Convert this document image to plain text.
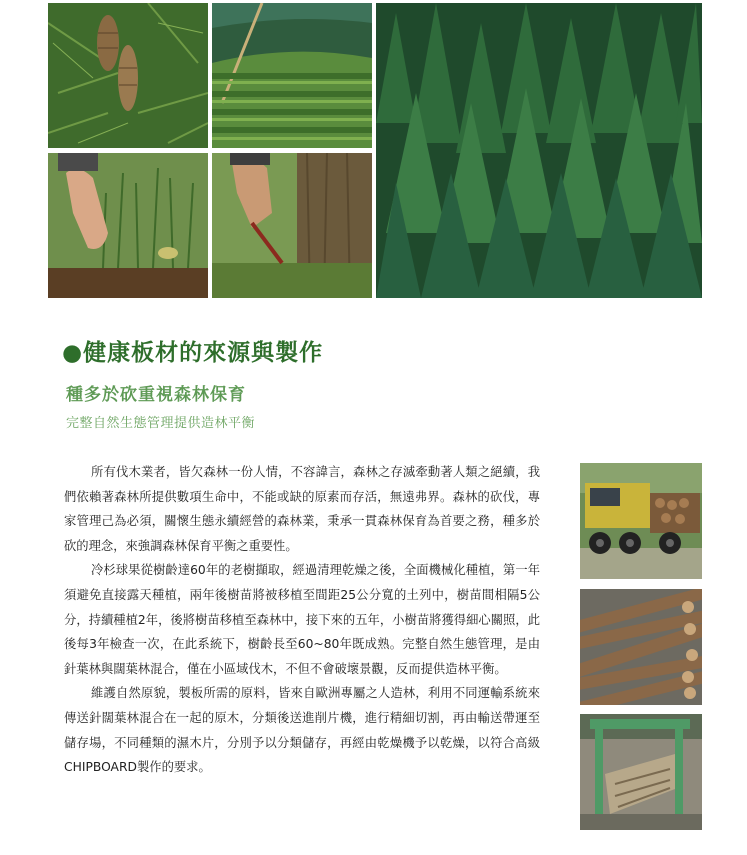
●健康板材的來源與製作
種多於砍重視森林保育
完整自然生態管理提供造林平衡

所有伐木業者，皆欠森林一份人情，不容諱言，森林之存滅牽動著人類之絕續，我們依賴著森林所提供數項生命中，不能或缺的原素而存活，無遠弗界。森林的砍伐，專家管理己為必須，關懷生態永續經營的森林業，秉承一貫森林保育為首要之務，種多於砍的理念，來強調森林保育平衡之重要性。

冷杉球果從樹齡達60年的老樹擷取，經過清理乾燥之後，全面機械化種植，第一年須避免直接露天種植，兩年後樹苗將被移植至間距25公分寬的土列中，樹苗間相隔5公分，持續種植2年，後將樹苗移植至森林中，接下來的五年，小樹苗將獲得細心關照，此後每3年檢查一次，在此系統下，樹齡長至60~80年既成熟。完整自然生態管理，是由針葉林與闊葉林混合，僅在小區域伐木，不但不會破壞景觀，反而提供造林平衡。

維護自然原貌，製板所需的原料，皆來自歐洲專屬之人造林，利用不同運輸系統來傳送針闊葉林混合在一起的原木，分類後送進削片機，進行精細切割，再由輸送帶運至儲存場，不同種類的濕木片，分別予以分類儲存，再經由乾燥機予以乾燥，以符合高級CHIPBOARD製作的要求。
